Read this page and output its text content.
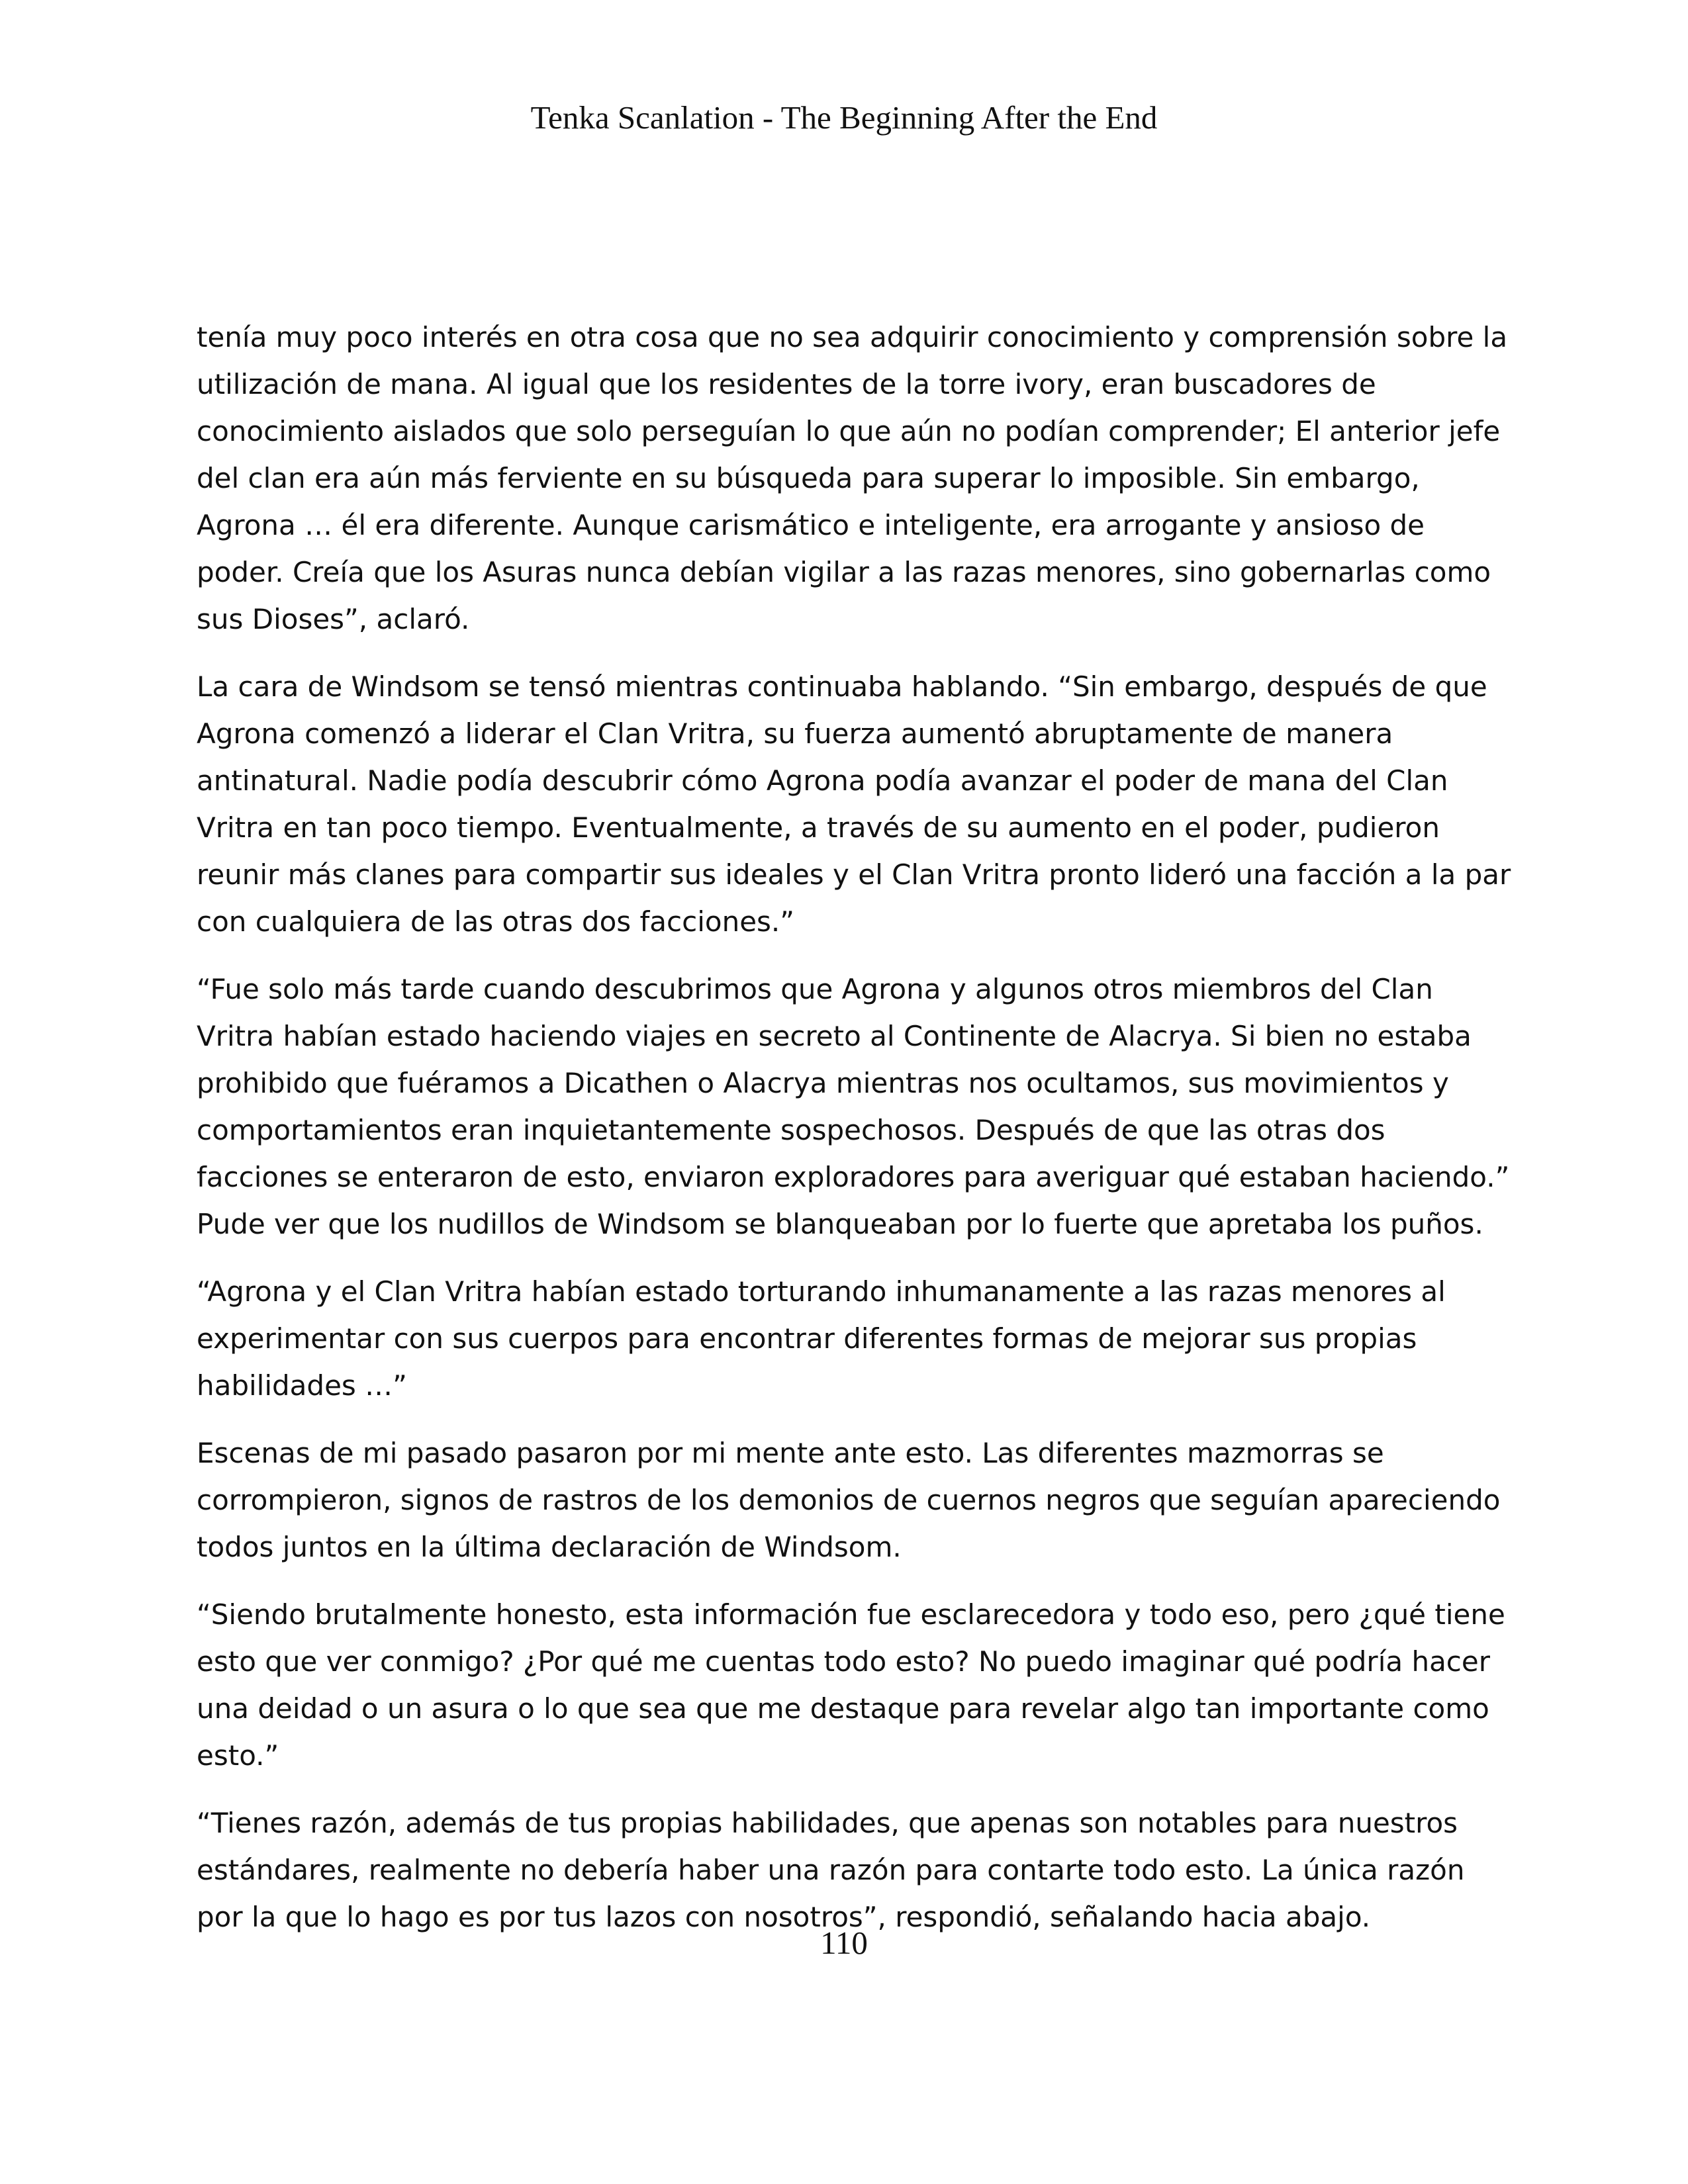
Tenka Scanlation - The Beginning After the End

tenía muy poco interés en otra cosa que no sea adquirir conocimiento y comprensión sobre la utilización de mana. Al igual que los residentes de la torre ivory, eran buscadores de conocimiento aislados que solo perseguían lo que aún no podían comprender; El anterior jefe del clan era aún más ferviente en su búsqueda para superar lo imposible. Sin embargo, Agrona … él era diferente. Aunque carismático e inteligente, era arrogante y ansioso de poder. Creía que los Asuras nunca debían vigilar a las razas menores, sino gobernarlas como sus Dioses”, aclaró.

La cara de Windsom se tensó mientras continuaba hablando. “Sin embargo, después de que Agrona comenzó a liderar el Clan Vritra, su fuerza aumentó abruptamente de manera antinatural. Nadie podía descubrir cómo Agrona podía avanzar el poder de mana del Clan Vritra en tan poco tiempo. Eventualmente, a través de su aumento en el poder, pudieron reunir más clanes para compartir sus ideales y el Clan Vritra pronto lideró una facción a la par con cualquiera de las otras dos facciones.”

“Fue solo más tarde cuando descubrimos que Agrona y algunos otros miembros del Clan Vritra habían estado haciendo viajes en secreto al Continente de Alacrya. Si bien no estaba prohibido que fuéramos a Dicathen o Alacrya mientras nos ocultamos, sus movimientos y comportamientos eran inquietantemente sospechosos. Después de que las otras dos facciones se enteraron de esto, enviaron exploradores para averiguar qué estaban haciendo.” Pude ver que los nudillos de Windsom se blanqueaban por lo fuerte que apretaba los puños.

“Agrona y el Clan Vritra habían estado torturando inhumanamente a las razas menores al experimentar con sus cuerpos para encontrar diferentes formas de mejorar sus propias habilidades …”

Escenas de mi pasado pasaron por mi mente ante esto. Las diferentes mazmorras se corrompieron, signos de rastros de los demonios de cuernos negros que seguían apareciendo todos juntos en la última declaración de Windsom.

“Siendo brutalmente honesto, esta información fue esclarecedora y todo eso, pero ¿qué tiene esto que ver conmigo? ¿Por qué me cuentas todo esto? No puedo imaginar qué podría hacer una deidad o un asura o lo que sea que me destaque para revelar algo tan importante como esto.”

“Tienes razón, además de tus propias habilidades, que apenas son notables para nuestros estándares, realmente no debería haber una razón para contarte todo esto. La única razón por la que lo hago es por tus lazos con nosotros”, respondió, señalando hacia abajo.

110
